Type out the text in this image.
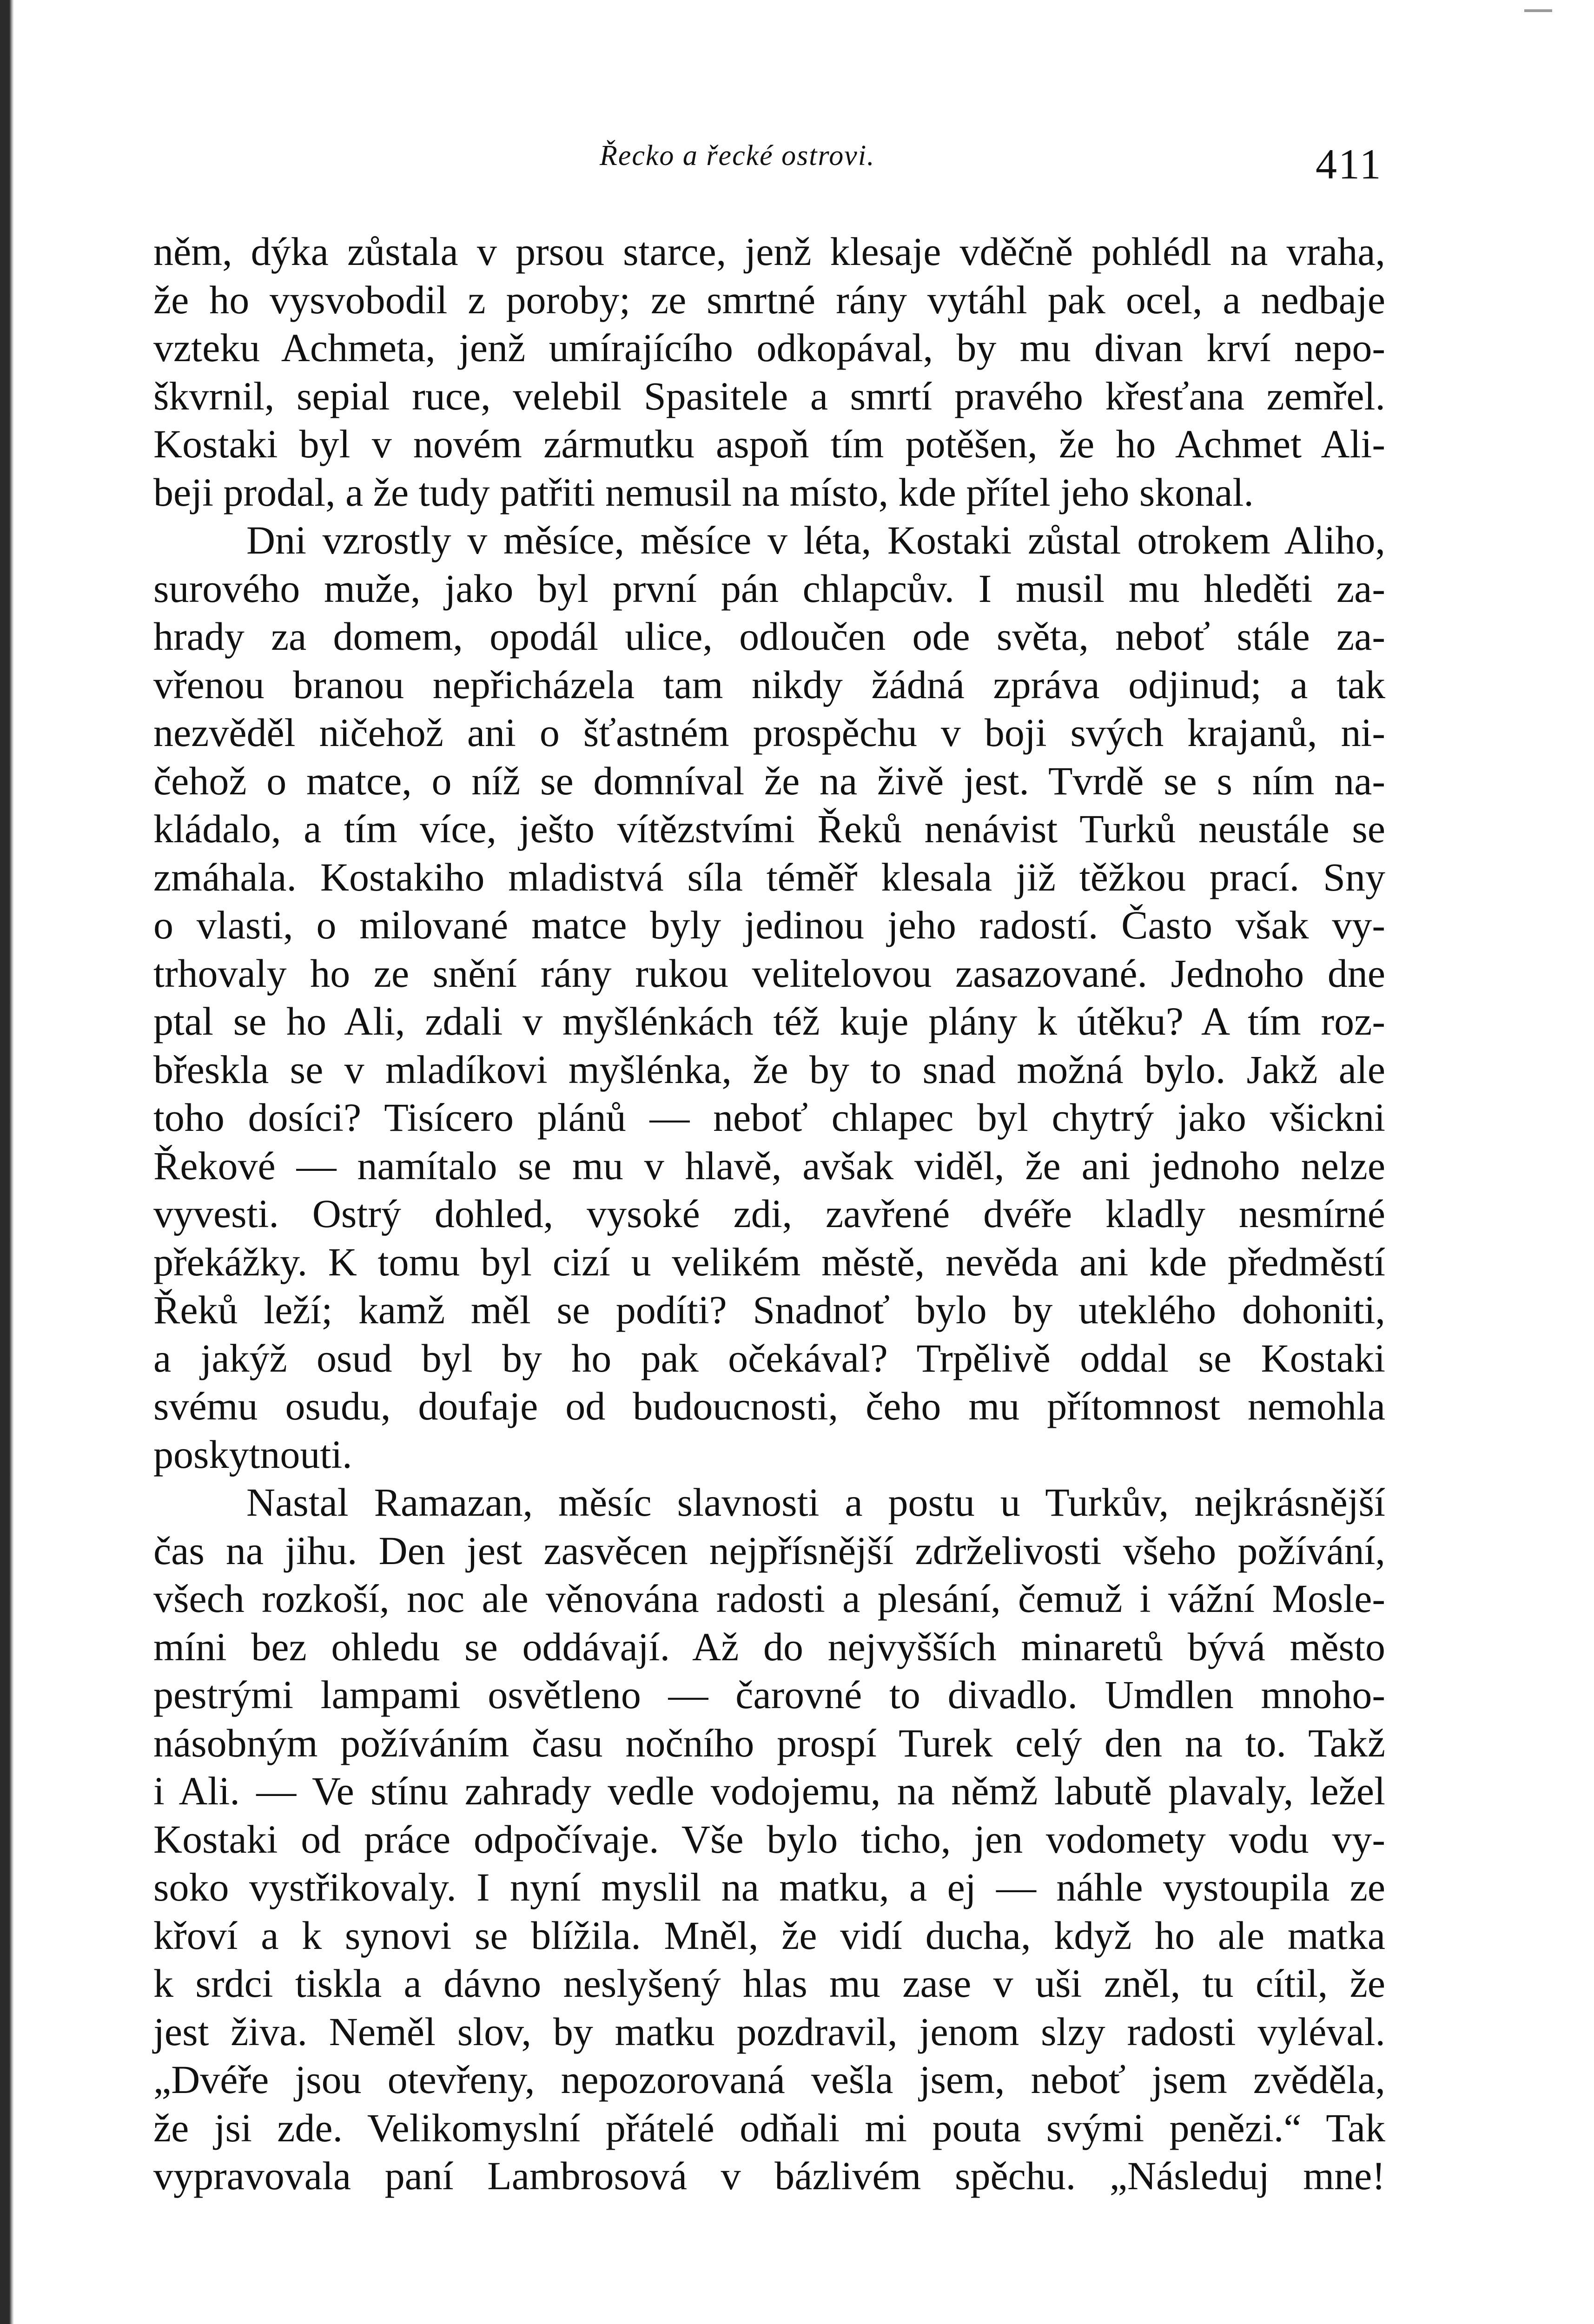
Řecko a řecké ostrovi.	411
něm, dýka zůstala v prsou starce, jenž klesaje vděčně pohlédl na vraha,
že ho vysvobodil z poroby; ze smrtné rány vytáhl pak ocel, a nedbaje
vzteku Achmeta, jenž umírajícího odkopával, by mu divan krví nepo-
škvrnil, sepial ruce, velebil Spasitele a smrtí pravého křesťana zemřel.
Kostaki byl v novém zármutku aspoň tím potěšen, že ho Achmet Ali-
beji prodal, a že tudy patřiti nemusil na místo, kde přítel jeho skonal.
Dni vzrostly v měsíce, měsíce v léta, Kostaki zůstal otrokem Aliho,
surového muže, jako byl první pán chlapcův. I musil mu hleděti za-
hrady za domem, opodál ulice, odloučen ode světa, neboť stále za-
vřenou branou nepřicházela tam nikdy žádná zpráva odjinud; a tak
nezvěděl ničehož ani o šťastném prospěchu v boji svých krajanů, ni-
čehož o matce, o níž se domníval že na živě jest. Tvrdě se s ním na-
kládalo, a tím více, ješto vítězstvími Řeků nenávist Turků neustále se
zmáhala. Kostakiho mladistvá síla téměř klesala již těžkou prací. Sny
o vlasti, o milované matce byly jedinou jeho radostí. Často však vy-
trhovaly ho ze snění rány rukou velitelovou zasazované. Jednoho dne
ptal se ho Ali, zdali v myšlénkách též kuje plány k útěku? A tím roz-
břeskla se v mladíkovi myšlénka, že by to snad možná bylo. Jakž ale
toho dosíci? Tisícero plánů — neboť chlapec byl chytrý jako všickni
Řekové — namítalo se mu v hlavě, avšak viděl, že ani jednoho nelze
vyvesti. Ostrý dohled, vysoké zdi, zavřené dvéře kladly nesmírné
překážky. K tomu byl cizí u velikém městě, nevěda ani kde předměstí
Řeků leží; kamž měl se podíti? Snadnoť bylo by uteklého dohoniti,
a jakýž osud byl by ho pak očekával? Trpělivě oddal se Kostaki
svému osudu, doufaje od budoucnosti, čeho mu přítomnost nemohla
poskytnouti.
Nastal Ramazan, měsíc slavnosti a postu u Turkův, nejkrásnější
čas na jihu. Den jest zasvěcen nejpřísnější zdrželivosti všeho požívání,
všech rozkoší, noc ale věnována radosti a plesání, čemuž i vážní Mosle-
míni bez ohledu se oddávají. Až do nejvyšších minaretů bývá město
pestrými lampami osvětleno — čarovné to divadlo. Umdlen mnoho-
násobným požíváním času nočního prospí Turek celý den na to. Takž
i Ali. — Ve stínu zahrady vedle vodojemu, na němž labutě plavaly, ležel
Kostaki od práce odpočívaje. Vše bylo ticho, jen vodomety vodu vy-
soko vystřikovaly. I nyní myslil na matku, a ej — náhle vystoupila ze
křoví a k synovi se blížila. Mněl, že vidí ducha, když ho ale matka
k srdci tiskla a dávno neslyšený hlas mu zase v uši zněl, tu cítil, že
jest živa. Neměl slov, by matku pozdravil, jenom slzy radosti vyléval.
„Dvéře jsou otevřeny, nepozorovaná vešla jsem, neboť jsem zvěděla,
že jsi zde. Velikomyslní přátelé odňali mi pouta svými penězi.“ Tak
vypravovala paní Lambrosová v bázlivém spěchu. „Následuj mne!
